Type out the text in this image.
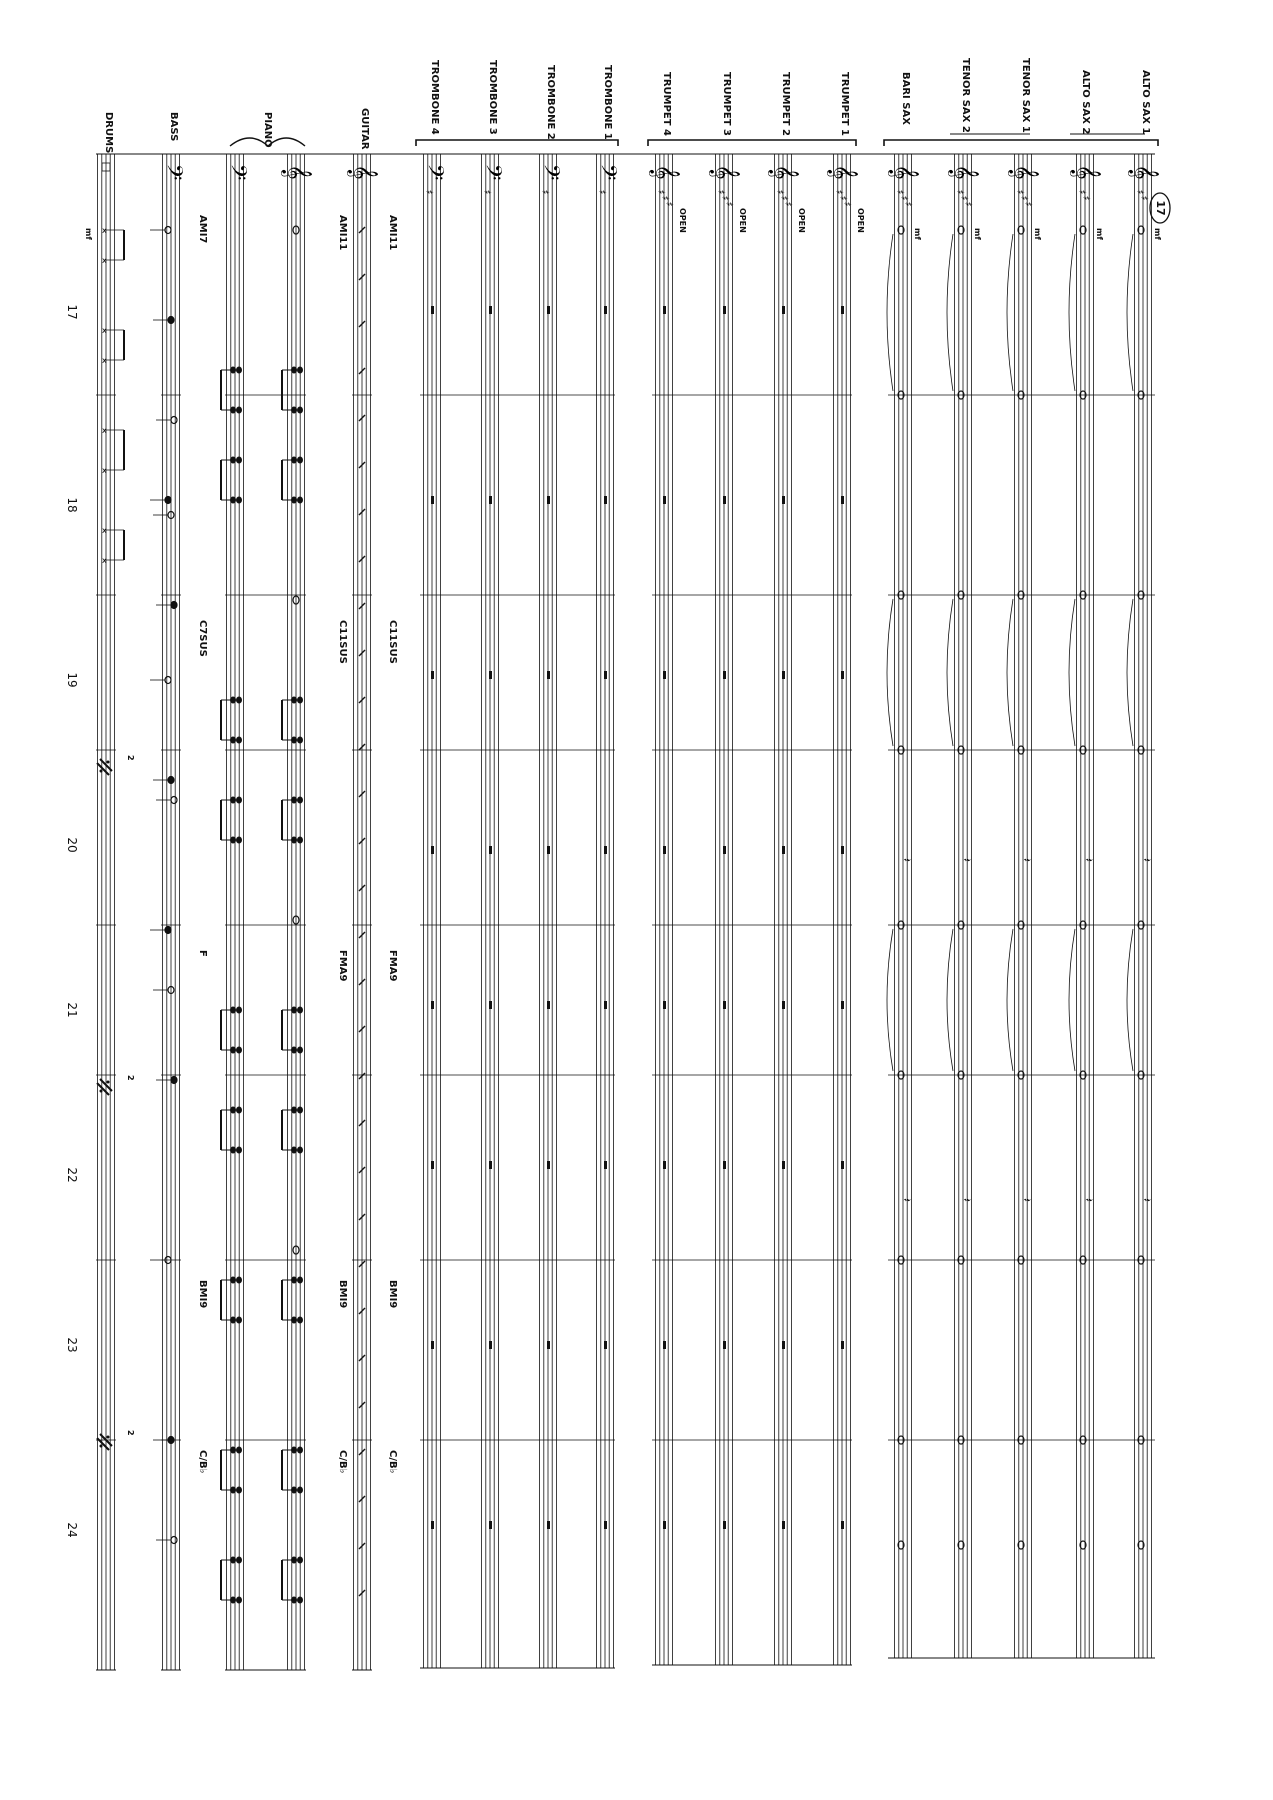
𝄞
♯
♯
𝄞
♯
♯
𝄞
♯
♯
♯
𝄞
♯
♯
♯
𝄞
♯
♯
♯
𝄞
♯
♯
♯
𝄞
♯
♯
♯
𝄞
♯
♯
♯
𝄞
♯
♯
♯
𝄢
♯
𝄢
♯
𝄢
♯
𝄢
♯
𝄞
𝄞
𝄢
𝄢
𝄽
𝄽
mf
𝄽
𝄽
mf
𝄽
𝄽
mf
𝄽
𝄽
mf
𝄽
𝄽
mf
OPEN
OPEN
OPEN
OPEN
x
x
x
x
x
x
x
x
2
2
2
mf
ALTO SAX 1
ALTO SAX 2
TENOR SAX 1
TENOR SAX 2
BARI SAX
TRUMPET 1
TRUMPET 2
TRUMPET 3
TRUMPET 4
TROMBONE 1
TROMBONE 2
TROMBONE 3
TROMBONE 4
GUITAR
PIANO
BASS
DRUMS
AMI11
C11SUS
FMA9
BMI9
C/B♭
AMI11
C11SUS
FMA9
BMI9
C/B♭
AMI7
C7SUS
F
BMI9
C/B♭
17
18
19
20
21
22
23
24
17
